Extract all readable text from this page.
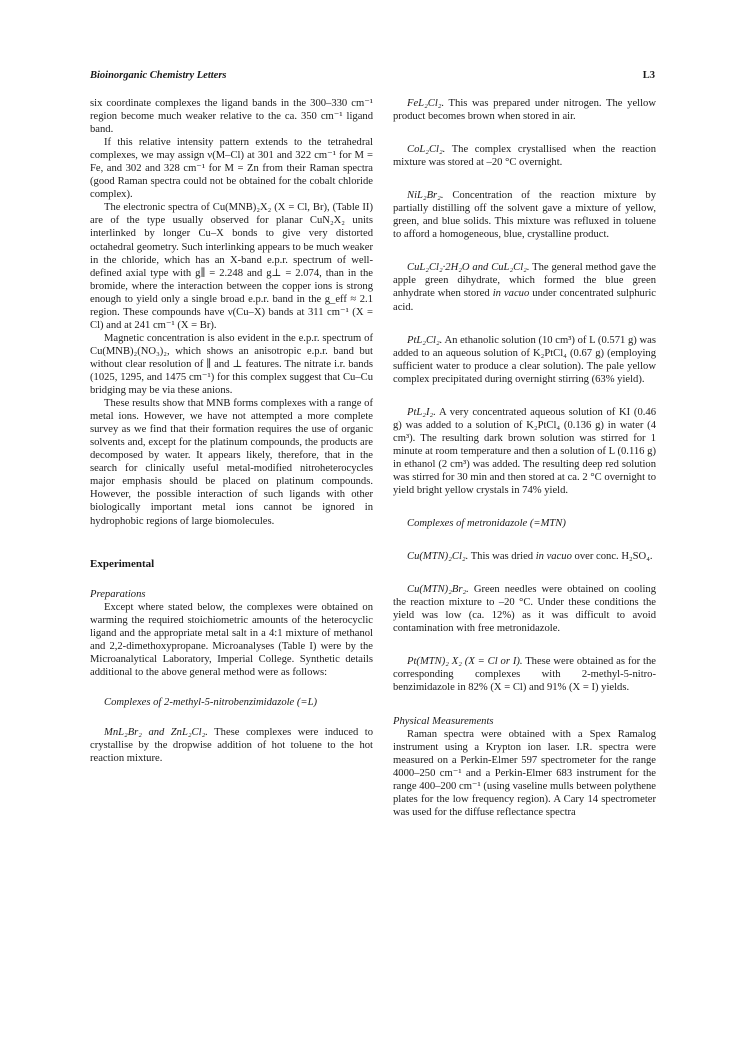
Bioinorganic Chemistry Letters	L3

six coordinate complexes the ligand bands in the 300–330 cm⁻¹ region become much weaker relative to the ca. 350 cm⁻¹ ligand band.

If this relative intensity pattern extends to the tetrahedral complexes, we may assign ν(M–Cl) at 301 and 322 cm⁻¹ for M = Fe, and 302 and 328 cm⁻¹ for M = Zn from their Raman spectra (good Raman spectra could not be obtained for the cobalt chloride complex).

The electronic spectra of Cu(MNB)₂X₂ (X = Cl, Br), (Table II) are of the type usually observed for planar CuN₂X₂ units interlinked by longer Cu–X bonds to give very distorted octahedral geometry. Such interlinking appears to be much weaker in the chloride, which has an X-band e.p.r. spectrum of well-defined axial type with g∥ = 2.248 and g⊥ = 2.074, than in the bromide, where the interaction between the copper ions is strong enough to yield only a single broad e.p.r. band in the g_eff ≈ 2.1 region. These compounds have ν(Cu–X) bands at 311 cm⁻¹ (X = Cl) and at 241 cm⁻¹ (X = Br).

Magnetic concentration is also evident in the e.p.r. spectrum of Cu(MNB)₂(NO₃)₂, which shows an anisotropic e.p.r. band but without clear resolution of ∥ and ⊥ features. The nitrate i.r. bands (1025, 1295, and 1475 cm⁻¹) for this complex suggest that Cu–Cu bridging may be via these anions.

These results show that MNB forms complexes with a range of metal ions. However, we have not attempted a more complete survey as we find that their formation requires the use of organic solvents and, except for the platinum compounds, the products are decomposed by water. It appears likely, therefore, that in the search for clinically useful metal-modified nitroheterocycles major emphasis should be placed on platinum compounds. However, the possible interaction of such ligands with other biologically important metal ions cannot be ignored in hydrophobic regions of large biomolecules.

Experimental

Preparations

Except where stated below, the complexes were obtained on warming the required stoichiometric amounts of the heterocyclic ligand and the appropriate metal salt in a 4:1 mixture of methanol and 2,2-dimethoxypropane. Microanalyses (Table I) were by the Microanalytical Laboratory, Imperial College. Synthetic details additional to the above general method were as follows:

Complexes of 2-methyl-5-nitrobenzimidazole (=L)

MnL₂Br₂ and ZnL₂Cl₂. These complexes were induced to crystallise by the dropwise addition of hot toluene to the hot reaction mixture.

FeL₂Cl₂. This was prepared under nitrogen. The yellow product becomes brown when stored in air.

CoL₂Cl₂. The complex crystallised when the reaction mixture was stored at –20 °C overnight.

NiL₂Br₂. Concentration of the reaction mixture by partially distilling off the solvent gave a mixture of yellow, green, and blue solids. This mixture was refluxed in toluene to afford a homogeneous, blue, crystalline product.

CuL₂Cl₂·2H₂O and CuL₂Cl₂. The general method gave the apple green dihydrate, which formed the blue green anhydrate when stored in vacuo under concentrated sulphuric acid.

PtL₂Cl₂. An ethanolic solution (10 cm³) of L (0.571 g) was added to an aqueous solution of K₂PtCl₄ (0.67 g) (employing sufficient water to produce a clear solution). The pale yellow complex precipitated during overnight stirring (63% yield).

PtL₂I₂. A very concentrated aqueous solution of KI (0.46 g) was added to a solution of K₂PtCl₄ (0.136 g) in water (4 cm³). The resulting dark brown solution was stirred for 1 minute at room temperature and then a solution of L (0.116 g) in ethanol (2 cm³) was added. The resulting deep red solution was stirred for 30 min and then stored at ca. 2 °C overnight to yield bright yellow crystals in 74% yield.

Complexes of metronidazole (=MTN)

Cu(MTN)₂Cl₂. This was dried in vacuo over conc. H₂SO₄.

Cu(MTN)₂Br₂. Green needles were obtained on cooling the reaction mixture to –20 °C. Under these conditions the yield was low (ca. 12%) as it was difficult to avoid contamination with free metronidazole.

Pt(MTN)₂ X₂ (X = Cl or I). These were obtained as for the corresponding complexes with 2-methyl-5-nitro-benzimidazole in 82% (X = Cl) and 91% (X = I) yields.

Physical Measurements

Raman spectra were obtained with a Spex Ramalog instrument using a Krypton ion laser. I.R. spectra were measured on a Perkin-Elmer 597 spectrometer for the range 4000–250 cm⁻¹ and a Perkin-Elmer 683 instrument for the range 400–200 cm⁻¹ (using vaseline mulls between polythene plates for the low frequency region). A Cary 14 spectrometer was used for the diffuse reflectance spectra
